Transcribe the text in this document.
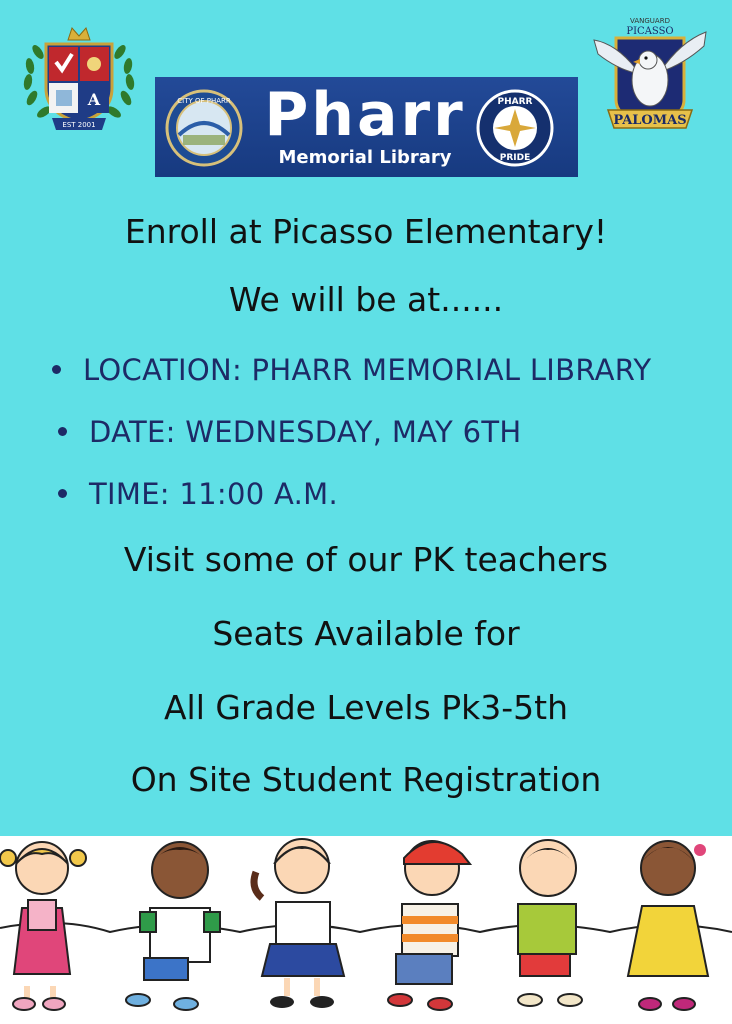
A
EST 2001
CITY OF PHARR Pharr
Memorial Library
PHARR
PRIDE
VANGUARD
PICASSO
PALOMAS
Enroll at Picasso Elementary!
We will be at......
LOCATION: PHARR MEMORIAL LIBRARY
DATE: WEDNESDAY, MAY 6TH
TIME: 11:00 A.M.
Visit some of our PK teachers
Seats Available for
All Grade Levels Pk3-5th
On Site Student Registration
